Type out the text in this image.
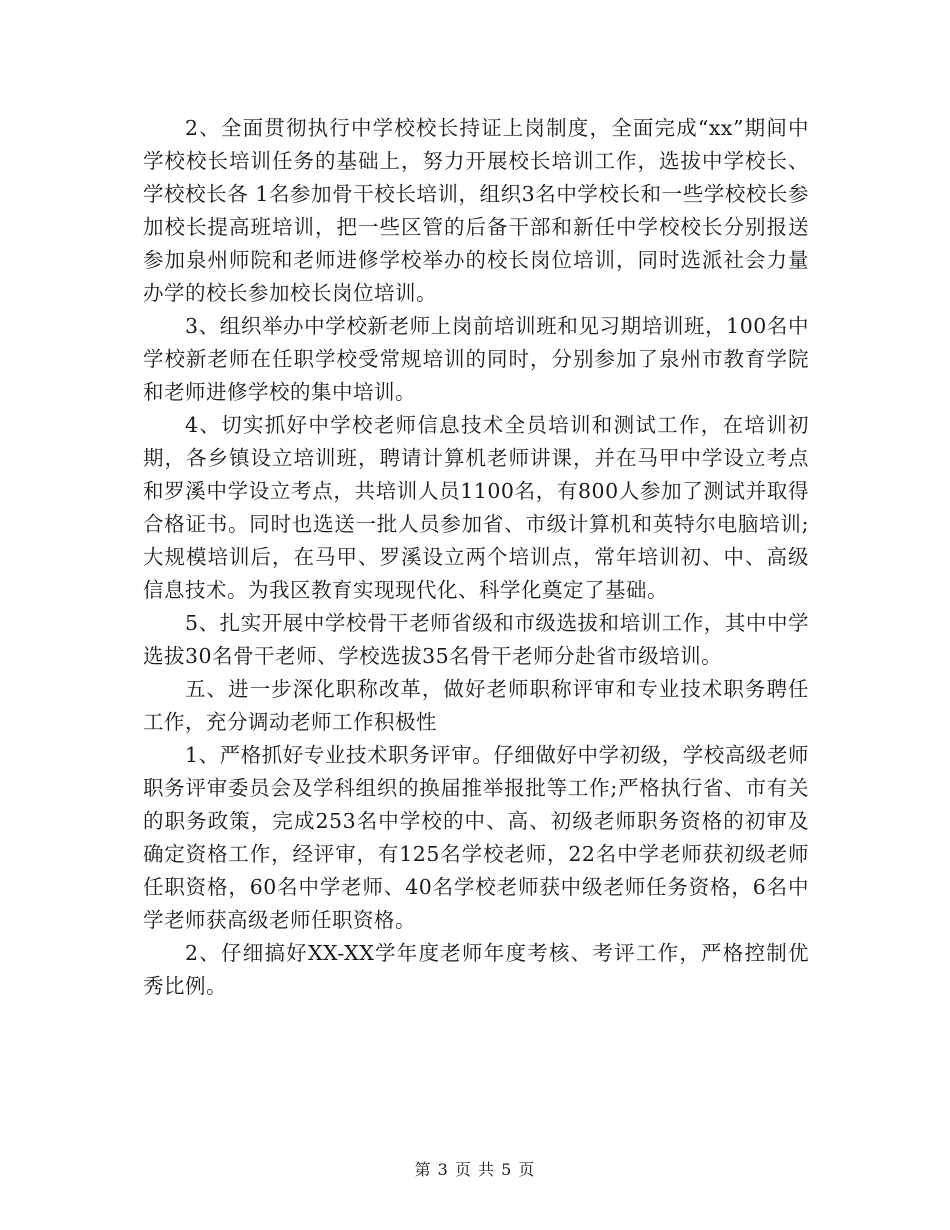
2、全面贯彻执行中学校校长持证上岗制度，全面完成“xx”期间中学校校长培训任务的基础上，努力开展校长培训工作，选拔中学校长、学校校长各 1名参加骨干校长培训，组织3名中学校长和一些学校校长参加校长提高班培训，把一些区管的后备干部和新任中学校校长分别报送参加泉州师院和老师进修学校举办的校长岗位培训，同时选派社会力量办学的校长参加校长岗位培训。

3、组织举办中学校新老师上岗前培训班和见习期培训班，100名中学校新老师在任职学校受常规培训的同时，分别参加了泉州市教育学院和老师进修学校的集中培训。

4、切实抓好中学校老师信息技术全员培训和测试工作，在培训初期，各乡镇设立培训班，聘请计算机老师讲课，并在马甲中学设立考点和罗溪中学设立考点，共培训人员1100名，有800人参加了测试并取得合格证书。同时也选送一批人员参加省、市级计算机和英特尔电脑培训;大规模培训后，在马甲、罗溪设立两个培训点，常年培训初、中、高级信息技术。为我区教育实现现代化、科学化奠定了基础。

5、扎实开展中学校骨干老师省级和市级选拔和培训工作，其中中学选拔30名骨干老师、学校选拔35名骨干老师分赴省市级培训。

五、进一步深化职称改革，做好老师职称评审和专业技术职务聘任工作，充分调动老师工作积极性

1、严格抓好专业技术职务评审。仔细做好中学初级，学校高级老师职务评审委员会及学科组织的换届推举报批等工作;严格执行省、市有关的职务政策，完成253名中学校的中、高、初级老师职务资格的初审及确定资格工作，经评审，有125名学校老师，22名中学老师获初级老师任职资格，60名中学老师、40名学校老师获中级老师任务资格，6名中学老师获高级老师任职资格。

2、仔细搞好XX-XX学年度老师年度考核、考评工作，严格控制优秀比例。

第 3 页 共 5 页
